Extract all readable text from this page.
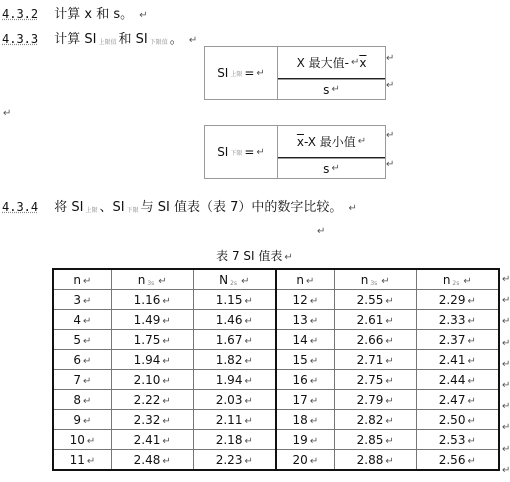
4.3.2 计算 x 和 s。 ↵
4.3.3 计算 SI 上限值 和 SI 下限值 。 ↵
SI 上限 = ↵
X 最大值- ↵ $\overline{x}$
s ↵
↵
↵
↵
SI 下限 = ↵
$\overline{x}$ -X 最小值 ↵
s ↵
↵
↵
4.3.4 将 SI 上限 、SI 下限 与 SI 值表（表 7）中的数字比较。 ↵
↵
表 7 SI 值表 ↵
n ↵	n 3s ↵	N 2s ↵	n ↵	n 3s ↵	n 2s ↵
3 ↵	1.16 ↵	1.15 ↵	12 ↵	2.55 ↵	2.29 ↵
4 ↵	1.49 ↵	1.46 ↵	13 ↵	2.61 ↵	2.33 ↵
5 ↵	1.75 ↵	1.67 ↵	14 ↵	2.66 ↵	2.37 ↵
6 ↵	1.94 ↵	1.82 ↵	15 ↵	2.71 ↵	2.41 ↵
7 ↵	2.10 ↵	1.94 ↵	16 ↵	2.75 ↵	2.44 ↵
8 ↵	2.22 ↵	2.03 ↵	17 ↵	2.79 ↵	2.47 ↵
9 ↵	2.32 ↵	2.11 ↵	18 ↵	2.82 ↵	2.50 ↵
10 ↵	2.41 ↵	2.18 ↵	19 ↵	2.85 ↵	2.53 ↵
11 ↵	2.48 ↵	2.23 ↵	20 ↵	2.88 ↵	2.56 ↵
↵
↵
↵
↵
↵
↵
↵
↵
↵
↵
